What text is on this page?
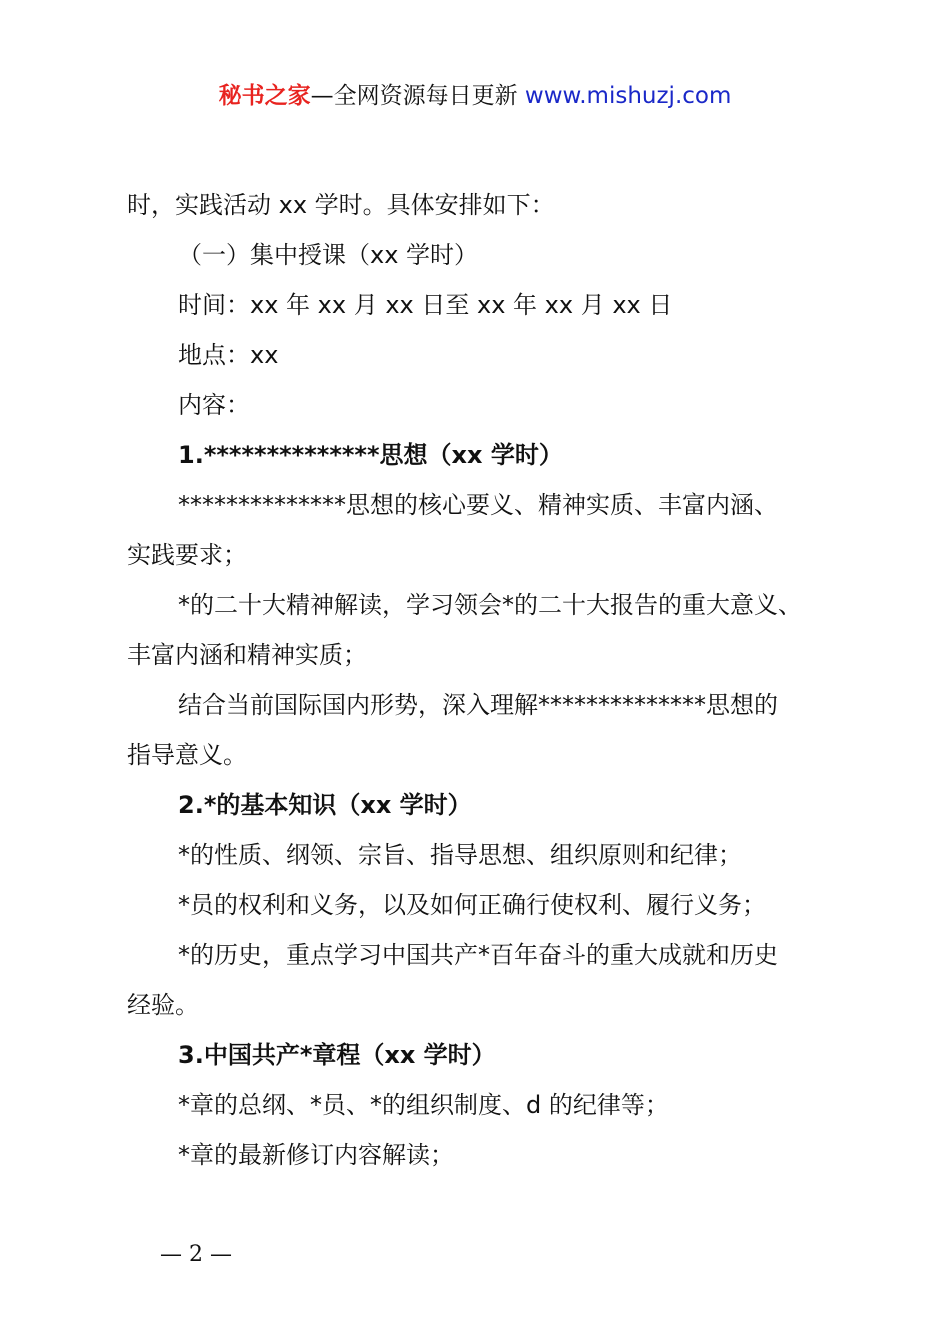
秘书之家—全网资源每日更新 www.mishuzj.com
时，实践活动 xx 学时。具体安排如下：
（一）集中授课（xx 学时）
时间：xx 年 xx 月 xx 日至 xx 年 xx 月 xx 日
地点：xx
内容：
1.**************思想（xx 学时）
**************思想的核心要义、精神实质、丰富内涵、
实践要求；
*的二十大精神解读，学习领会*的二十大报告的重大意义、
丰富内涵和精神实质；
结合当前国际国内形势，深入理解**************思想的
指导意义。
2.*的基本知识（xx 学时）
*的性质、纲领、宗旨、指导思想、组织原则和纪律；
*员的权利和义务，以及如何正确行使权利、履行义务；
*的历史，重点学习中国共产*百年奋斗的重大成就和历史
经验。
3.中国共产*章程（xx 学时）
*章的总纲、*员、*的组织制度、d 的纪律等；
*章的最新修订内容解读；
— 2 —
